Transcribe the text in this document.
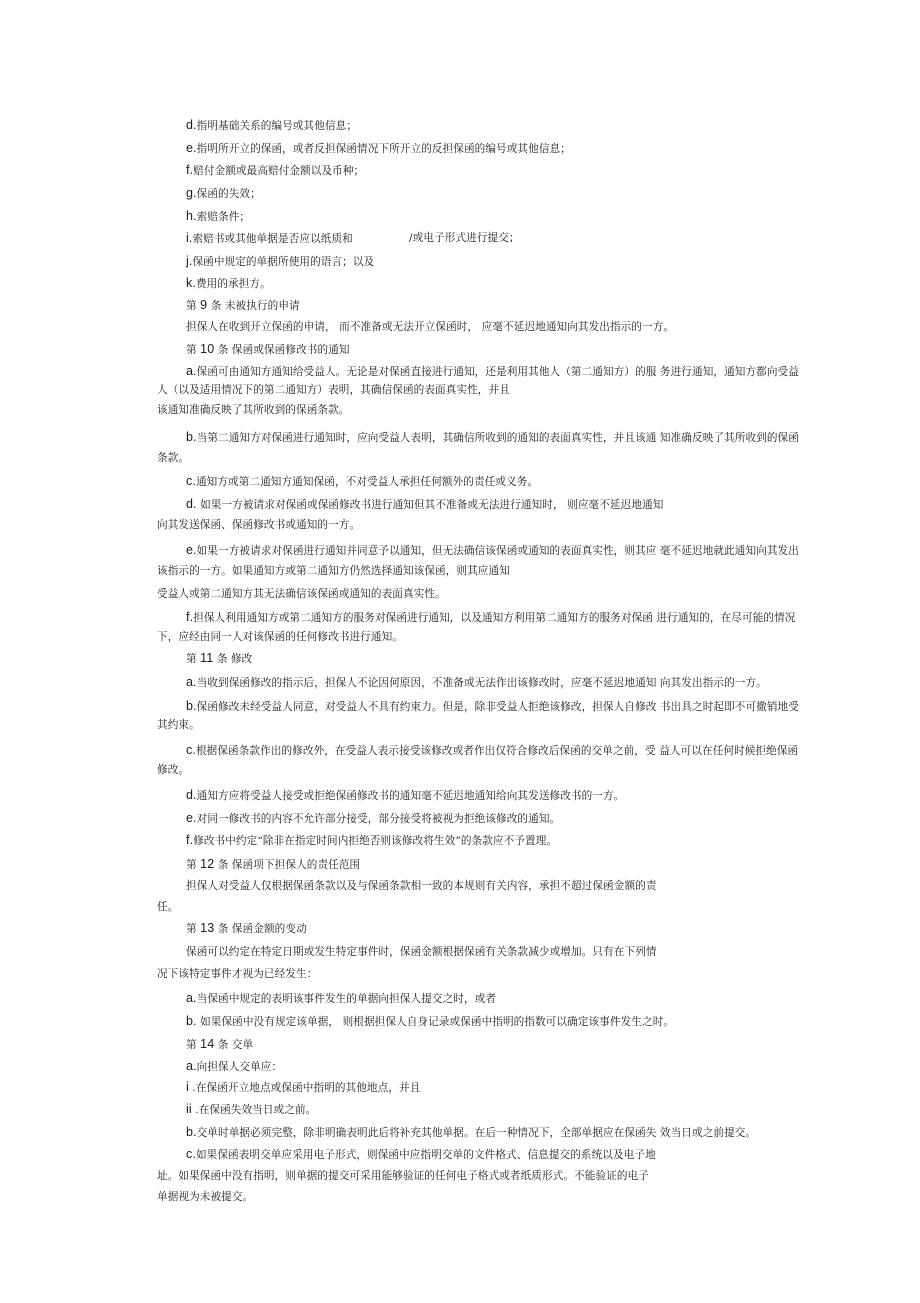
d.指明基础关系的编号或其他信息；
e.指明所开立的保函，或者反担保函情况下所开立的反担保函的编号或其他信息；
f.赔付金额或最高赔付金额以及币种；
g.保函的失效；
h.索赔条件；
i.索赔书或其他单据是否应以纸质和	/或电子形式进行提交；
j.保函中规定的单据所使用的语言；以及
k.费用的承担方。
第 9 条 未被执行的申请
担保人在收到开立保函的申请， 而不准备或无法开立保函时， 应毫不延迟地通知向其发出指示的一方。
第 10 条 保函或保函修改书的通知
a.保函可由通知方通知给受益人。无论是对保函直接进行通知，还是利用其他人（第二通知方）的服 务进行通知，通知方都向受益
人（以及适用情况下的第二通知方）表明，其确信保函的表面真实性，并且
该通知准确反映了其所收到的保函条款。
b.当第二通知方对保函进行通知时，应向受益人表明，其确信所收到的通知的表面真实性，并且该通 知准确反映了其所收到的保函
条款。
c.通知方或第二通知方通知保函，不对受益人承担任何额外的责任或义务。
d. 如果一方被请求对保函或保函修改书进行通知但其不准备或无法进行通知时， 则应毫不延迟地通知
向其发送保函、保函修改书或通知的一方。
e.如果一方被请求对保函进行通知并同意予以通知，但无法确信该保函或通知的表面真实性，则其应 毫不延迟地就此通知向其发出
该指示的一方。如果通知方或第二通知方仍然选择通知该保函，则其应通知
受益人或第二通知方其无法确信该保函或通知的表面真实性。
f.担保人利用通知方或第二通知方的服务对保函进行通知，以及通知方利用第二通知方的服务对保函 进行通知的，在尽可能的情况
下，应经由同一人对该保函的任何修改书进行通知。
第 11 条 修改
a.当收到保函修改的指示后，担保人不论因何原因，不准备或无法作出该修改时，应毫不延迟地通知 向其发出指示的一方。
b.保函修改未经受益人同意，对受益人不具有约束力。但是，除非受益人拒绝该修改，担保人自修改 书出具之时起即不可撤销地受
其约束。
c.根据保函条款作出的修改外，在受益人表示接受该修改或者作出仅符合修改后保函的交单之前，受 益人可以在任何时候拒绝保函
修改。
d.通知方应将受益人接受或拒绝保函修改书的通知毫不延迟地通知给向其发送修改书的一方。
e.对同一修改书的内容不允许部分接受，部分接受将被视为拒绝该修改的通知。
f.修改书中约定“除非在指定时间内拒绝否则该修改将生效”的条款应不予置理。
第 12 条 保函项下担保人的责任范围
担保人对受益人仅根据保函条款以及与保函条款相一致的本规则有关内容，承担不超过保函金额的责
任。
第 13 条 保函金额的变动
保函可以约定在特定日期或发生特定事件时，保函金额根据保函有关条款减少或增加。只有在下列情
况下该特定事件才视为已经发生：
a.当保函中规定的表明该事件发生的单据向担保人提交之时，或者
b. 如果保函中没有规定该单据， 则根据担保人自身记录或保函中指明的指数可以确定该事件发生之时。
第 14 条 交单
a.向担保人交单应：
i .在保函开立地点或保函中指明的其他地点，并且
ii .在保函失效当日或之前。
b.交单时单据必须完整，除非明确表明此后将补充其他单据。在后一种情况下，全部单据应在保函失 效当日或之前提交。
c.如果保函表明交单应采用电子形式，则保函中应指明交单的文件格式、信息提交的系统以及电子地
址。如果保函中没有指明，则单据的提交可采用能够验证的任何电子格式或者纸质形式。不能验证的电子
单据视为未被提交。
